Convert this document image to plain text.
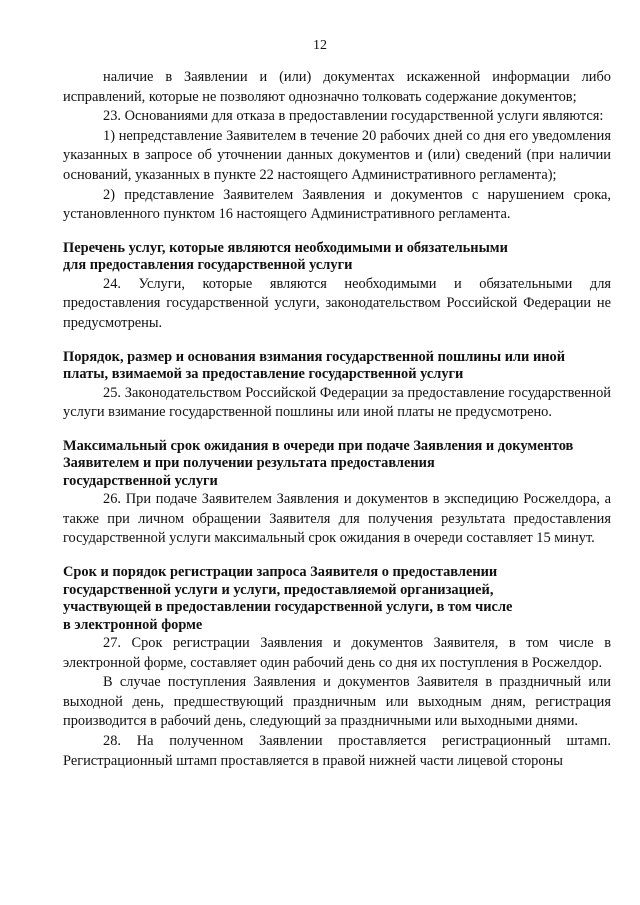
12

наличие в Заявлении и (или) документах искаженной информации либо исправлений, которые не позволяют однозначно толковать содержание документов;

23. Основаниями для отказа в предоставлении государственной услуги являются:

1) непредставление Заявителем в течение 20 рабочих дней со дня его уведомления указанных в запросе об уточнении данных документов и (или) сведений (при наличии оснований, указанных в пункте 22 настоящего Административного регламента);

2) представление Заявителем Заявления и документов с нарушением срока, установленного пунктом 16 настоящего Административного регламента.

Перечень услуг, которые являются необходимыми и обязательными
для предоставления государственной услуги

24. Услуги, которые являются необходимыми и обязательными для предоставления государственной услуги, законодательством Российской Федерации не предусмотрены.

Порядок, размер и основания взимания государственной пошлины или иной
платы, взимаемой за предоставление государственной услуги

25. Законодательством Российской Федерации за предоставление государственной услуги взимание государственной пошлины или иной платы не предусмотрено.

Максимальный срок ожидания в очереди при подаче Заявления и документов
Заявителем и при получении результата предоставления
государственной услуги

26. При подаче Заявителем Заявления и документов в экспедицию Росжелдора, а также при личном обращении Заявителя для получения результата предоставления государственной услуги максимальный срок ожидания в очереди составляет 15 минут.

Срок и порядок регистрации запроса Заявителя о предоставлении
государственной услуги и услуги, предоставляемой организацией,
участвующей в предоставлении государственной услуги, в том числе
в электронной форме

27. Срок регистрации Заявления и документов Заявителя, в том числе в электронной форме, составляет один рабочий день со дня их поступления в Росжелдор.

В случае поступления Заявления и документов Заявителя в праздничный или выходной день, предшествующий праздничным или выходным дням, регистрация производится в рабочий день, следующий за праздничными или выходными днями.

28. На полученном Заявлении проставляется регистрационный штамп. Регистрационный штамп проставляется в правой нижней части лицевой стороны
